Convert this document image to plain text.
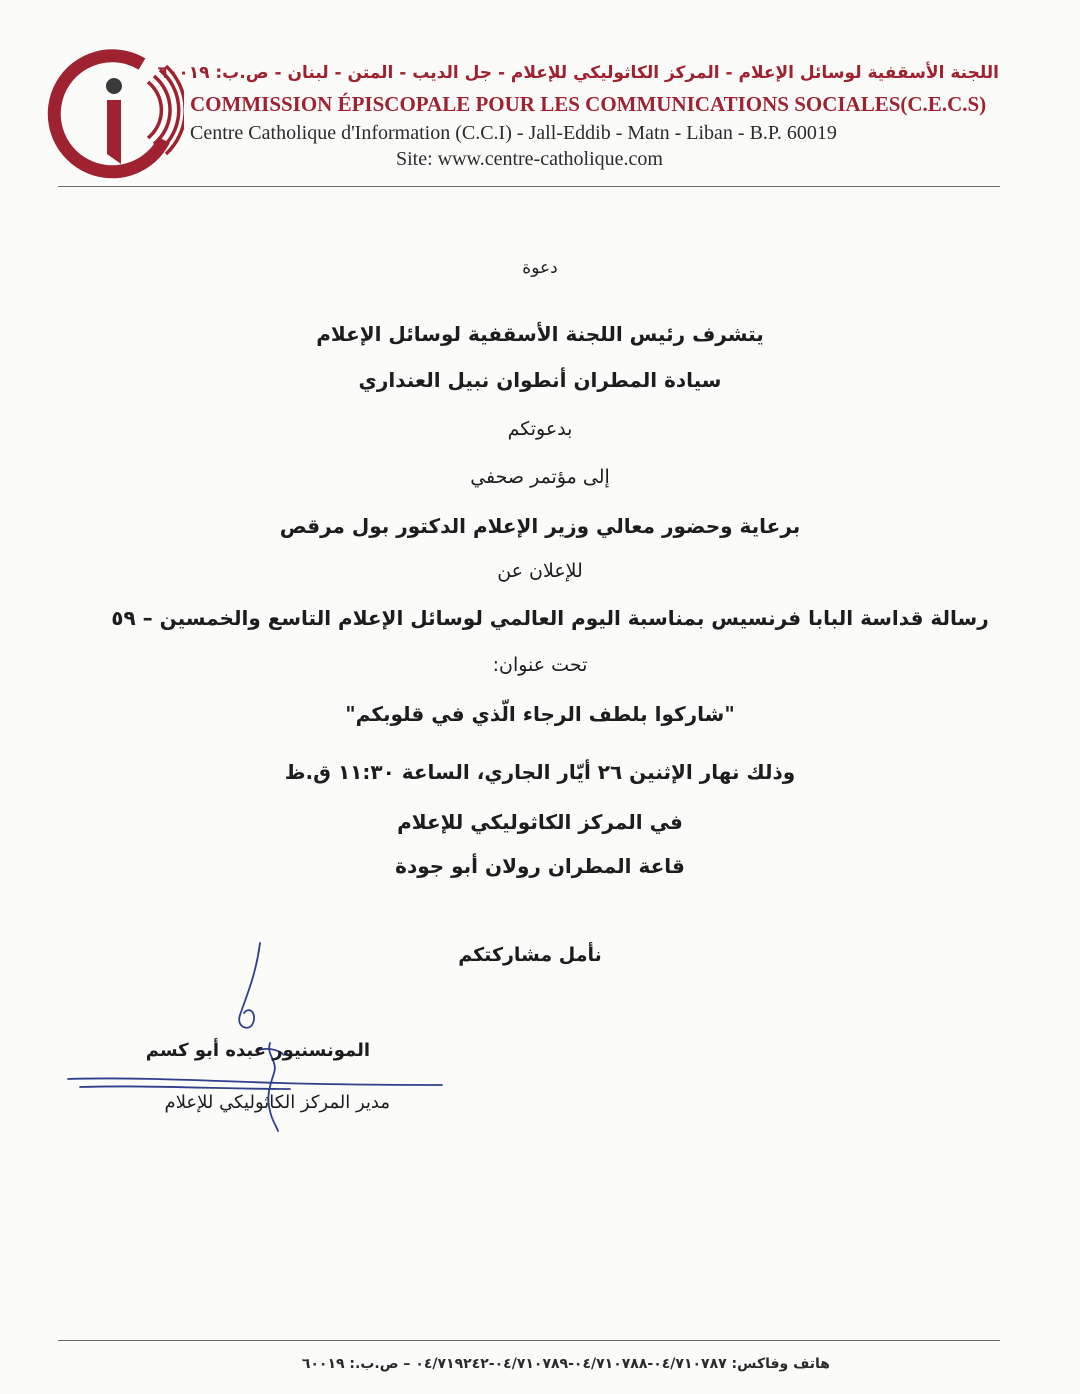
اللجنة الأسقفية لوسائل الإعلام - المركز الكاثوليكي للإعلام - جل الديب - المتن - لبنان - ص.ب: ٦٠٠١٩
COMMISSION ÉPISCOPALE POUR LES COMMUNICATIONS SOCIALES(C.E.C.S)
Centre Catholique d'Information (C.C.I) - Jall-Eddib - Matn - Liban - B.P. 60019
Site: www.centre-catholique.com
دعوة
يتشرف رئيس اللجنة الأسقفية لوسائل الإعلام
سيادة المطران أنطوان نبيل العنداري
بدعوتكم
إلى مؤتمر صحفي
برعاية وحضور معالي وزير الإعلام الدكتور بول مرقص
للإعلان عن
رسالة قداسة البابا فرنسيس بمناسبة اليوم العالمي لوسائل الإعلام التاسع والخمسين – ٥٩
تحت عنوان:
"شاركوا بلطف الرجاء الّذي في قلوبكم"
وذلك نهار الإثنين ٢٦ أيّار الجاري، الساعة ١١:٣٠ ق.ظ
في المركز الكاثوليكي للإعلام
قاعة المطران رولان أبو جودة
نأمل مشاركتكم
المونسنيور عبده أبو كسم
مدير المركز الكاثوليكي للإعلام
هاتف وفاكس: ٠٤/٧١٠٧٨٧-٠٤/٧١٠٧٨٨-٠٤/٧١٠٧٨٩-٠٤/٧١٩٢٤٢ – ص.ب.: ٦٠٠١٩
